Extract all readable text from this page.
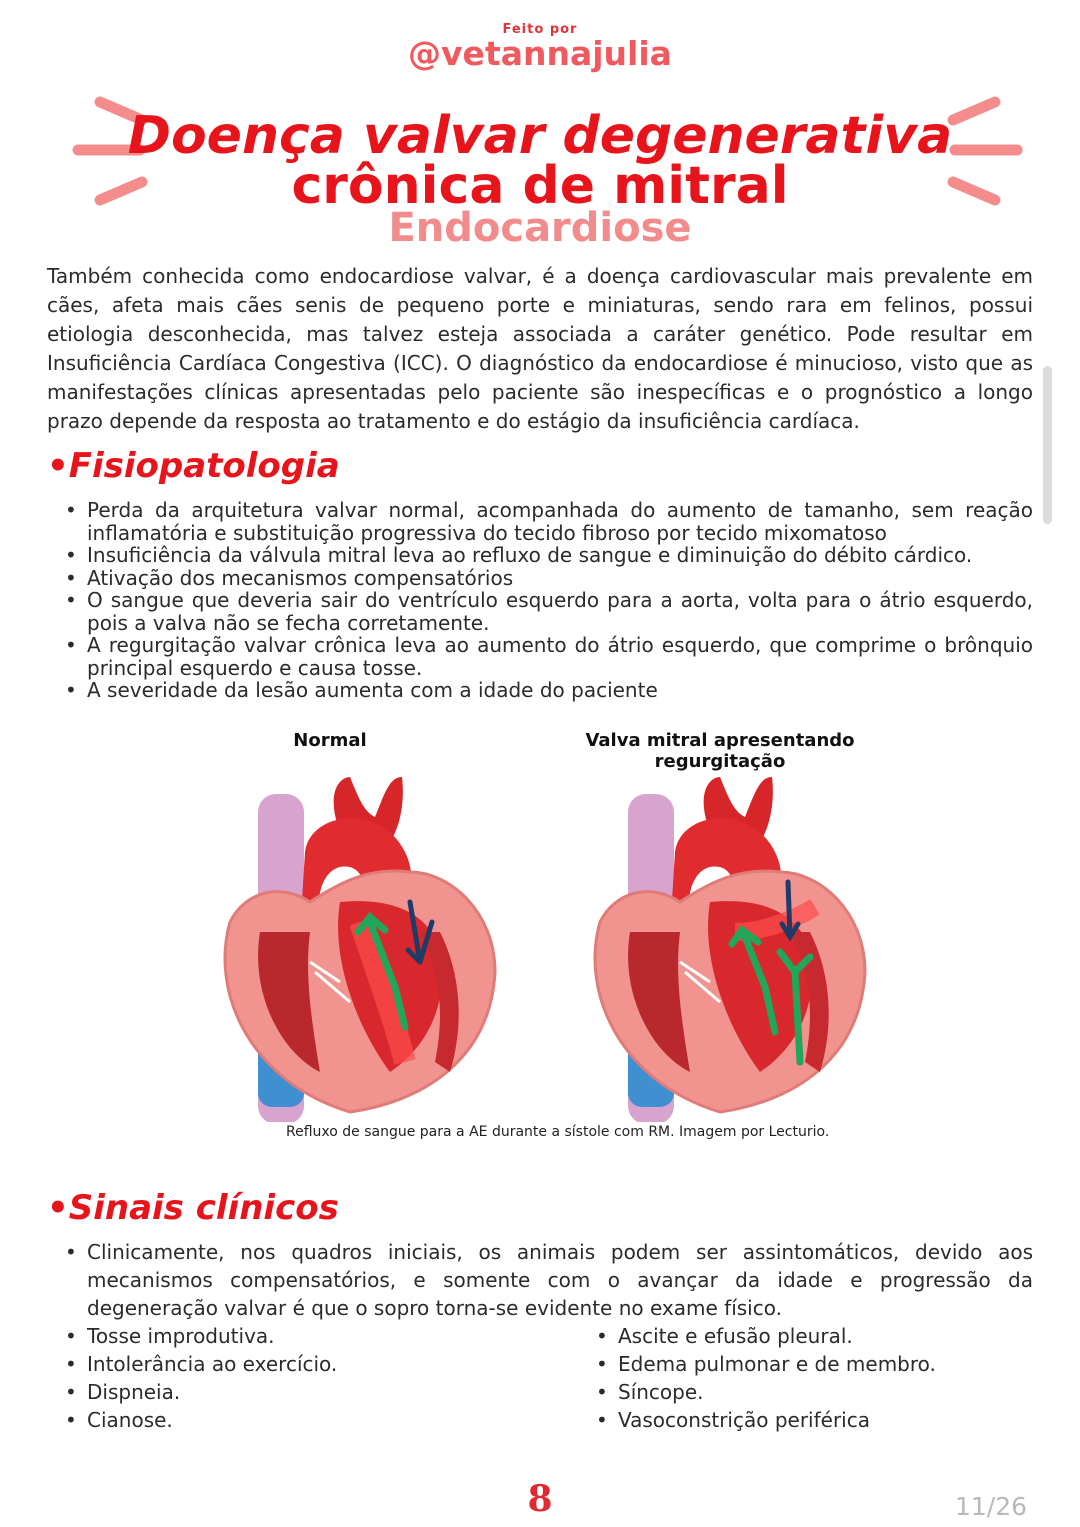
Feito por
@vetannajulia
Doença valvar degenerativa
crônica de mitral
Endocardiose
Também conhecida como endocardiose valvar, é a doença cardiovascular mais prevalente em cães, afeta mais cães senis de pequeno porte e miniaturas, sendo rara em felinos, possui etiologia desconhecida, mas talvez esteja associada a caráter genético. Pode resultar em Insuficiência Cardíaca Congestiva (ICC). O diagnóstico da endocardiose é minucioso, visto que as manifestações clínicas apresentadas pelo paciente são inespecíficas e o prognóstico a longo prazo depende da resposta ao tratamento e do estágio da insuficiência cardíaca.
•Fisiopatologia
• Perda da arquitetura valvar normal, acompanhada do aumento de tamanho, sem reação inflamatória e substituição progressiva do tecido fibroso por tecido mixomatoso
• Insuficiência da válvula mitral leva ao refluxo de sangue e diminuição do débito cárdico.
• Ativação dos mecanismos compensatórios
• O sangue que deveria sair do ventrículo esquerdo para a aorta, volta para o átrio esquerdo, pois a valva não se fecha corretamente.
• A regurgitação valvar crônica leva ao aumento do átrio esquerdo, que comprime o brônquio principal esquerdo e causa tosse.
• A severidade da lesão aumenta com a idade do paciente
Normal	Valva mitral apresentando regurgitação
Refluxo de sangue para a AE durante a sístole com RM. Imagem por Lecturio.
•Sinais clínicos
• Clinicamente, nos quadros iniciais, os animais podem ser assintomáticos, devido aos mecanismos compensatórios, e somente com o avançar da idade e progressão da degeneração valvar é que o sopro torna-se evidente no exame físico.
• Tosse improdutiva.
• Intolerância ao exercício.
• Dispneia.
• Cianose.
• Ascite e efusão pleural.
• Edema pulmonar e de membro.
• Síncope.
• Vasoconstrição periférica
8	11/26
